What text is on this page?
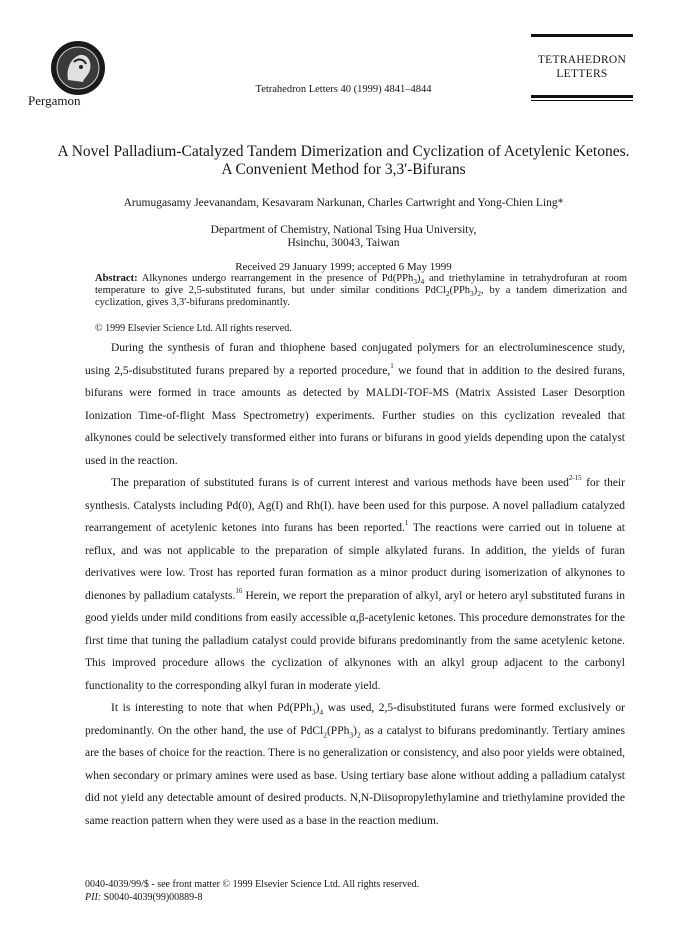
Pergamon
Tetrahedron Letters 40 (1999) 4841–4844
TETRAHEDRON
LETTERS
A Novel Palladium-Catalyzed Tandem Dimerization and Cyclization of Acetylenic Ketones.
A Convenient Method for 3,3'-Bifurans
Arumugasamy Jeevanandam, Kesavaram Narkunan, Charles Cartwright and Yong-Chien Ling*
Department of Chemistry, National Tsing Hua University,
Hsinchu, 30043, Taiwan
Received 29 January 1999; accepted 6 May 1999
Abstract: Alkynones undergo rearrangement in the presence of $Pd(PPh_3)_4$ and triethylamine in tetrahydrofuran at room temperature to give 2,5-substituted furans, but under similar conditions $PdCl_2(PPh_3)_2$, by a tandem dimerization and cyclization, gives 3,3'-bifurans predominantly.
© 1999 Elsevier Science Ltd. All rights reserved.

During the synthesis of furan and thiophene based conjugated polymers for an electroluminescence study, using 2,5-disubstituted furans prepared by a reported procedure,$^1$ we found that in addition to the desired furans, bifurans were formed in trace amounts as detected by MALDI-TOF-MS (Matrix Assisted Laser Desorption Ionization Time-of-flight Mass Spectrometry) experiments. Further studies on this cyclization revealed that alkynones could be selectively transformed either into furans or bifurans in good yields depending upon the catalyst used in the reaction.

The preparation of substituted furans is of current interest and various methods have been used$^{2-15}$ for their synthesis. Catalysts including Pd(0), Ag(I) and Rh(I). have been used for this purpose. A novel palladium catalyzed rearrangement of acetylenic ketones into furans has been reported.$^1$ The reactions were carried out in toluene at reflux, and was not applicable to the preparation of simple alkylated furans. In addition, the yields of furan derivatives were low. Trost has reported furan formation as a minor product during isomerization of alkynones to dienones by palladium catalysts.$^{16}$ Herein, we report the preparation of alkyl, aryl or hetero aryl substituted furans in good yields under mild conditions from easily accessible α,β-acetylenic ketones. This procedure demonstrates for the first time that tuning the palladium catalyst could provide bifurans predominantly from the same acetylenic ketone. This improved procedure allows the cyclization of alkynones with an alkyl group adjacent to the carbonyl functionality to the corresponding alkyl furan in moderate yield.

It is interesting to note that when $Pd(PPh_3)_4$ was used, 2,5-disubstituted furans were formed exclusively or predominantly. On the other hand, the use of $PdCl_2(PPh_3)_2$ as a catalyst to bifurans predominantly. Tertiary amines are the bases of choice for the reaction. There is no generalization or consistency, and also poor yields were obtained, when secondary or primary amines were used as base. Using tertiary base alone without adding a palladium catalyst did not yield any detectable amount of desired products. N,N-Diisopropylethylamine and triethylamine provided the same reaction pattern when they were used as a base in the reaction medium.

0040-4039/99/$ - see front matter © 1999 Elsevier Science Ltd. All rights reserved.
PII: S0040-4039(99)00889-8
